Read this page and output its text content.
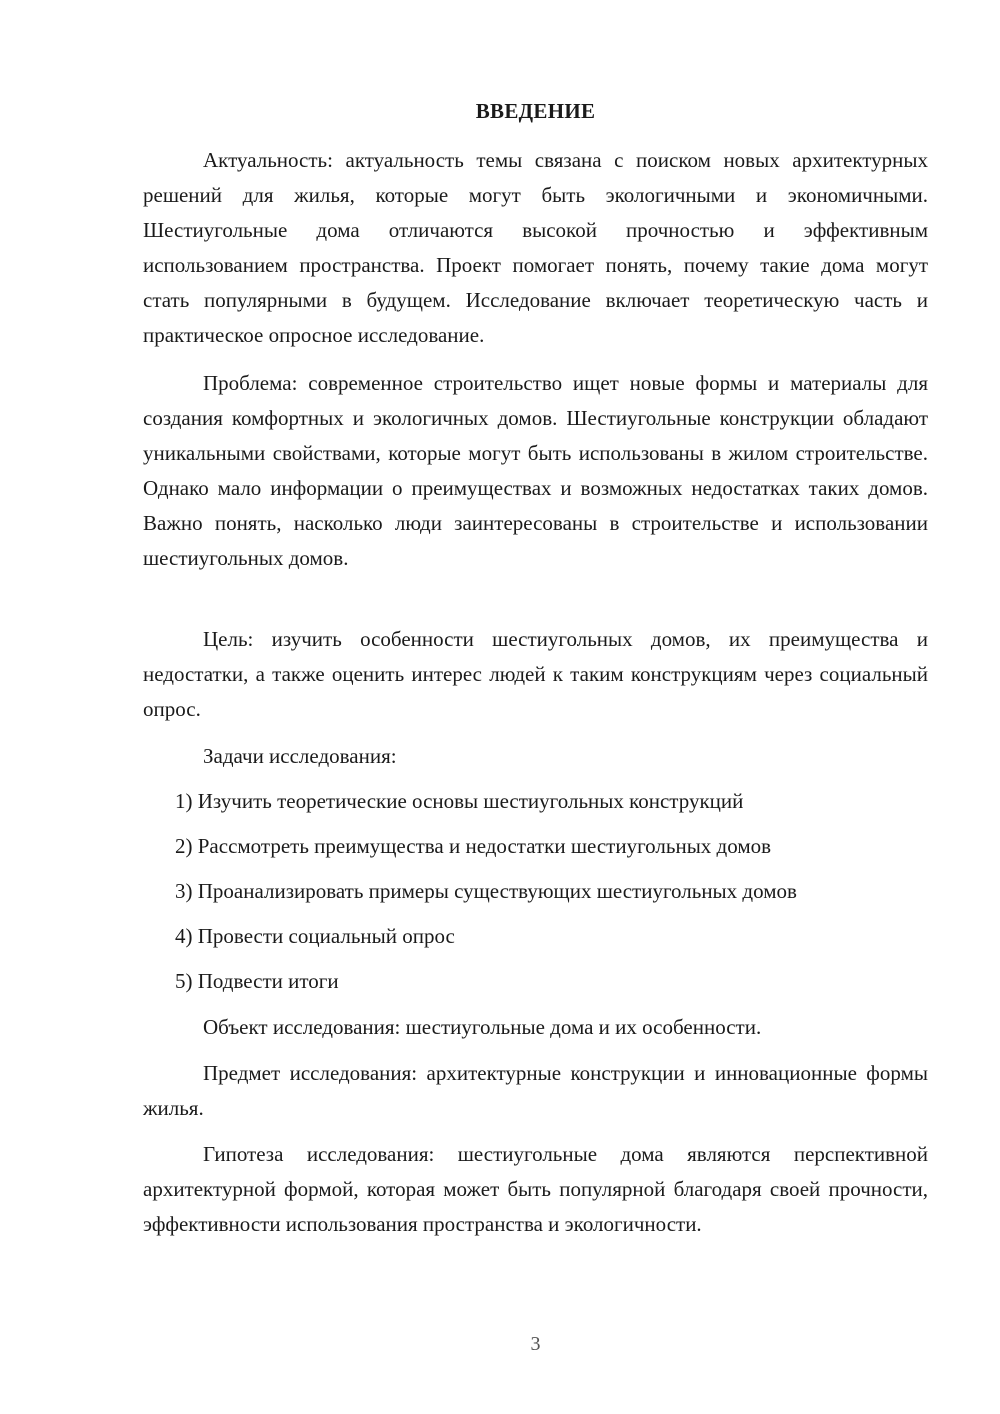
ВВЕДЕНИЕ

Актуальность: актуальность темы связана с поиском новых архитектурных решений для жилья, которые могут быть экологичными и экономичными. Шестиугольные дома отличаются высокой прочностью и эффективным использованием пространства. Проект помогает понять, почему такие дома могут стать популярными в будущем. Исследование включает теоретическую часть и практическое опросное исследование.

Проблема: современное строительство ищет новые формы и материалы для создания комфортных и экологичных домов. Шестиугольные конструкции обладают уникальными свойствами, которые могут быть использованы в жилом строительстве. Однако мало информации о преимуществах и возможных недостатках таких домов. Важно понять, насколько люди заинтересованы в строительстве и использовании шестиугольных домов.

Цель: изучить особенности шестиугольных домов, их преимущества и недостатки, а также оценить интерес людей к таким конструкциям через социальный опрос.

Задачи исследования:

1) Изучить теоретические основы шестиугольных конструкций

2) Рассмотреть преимущества и недостатки шестиугольных домов

3) Проанализировать примеры существующих шестиугольных домов

4) Провести социальный опрос

5) Подвести итоги

Объект исследования: шестиугольные дома и их особенности.

Предмет исследования: архитектурные конструкции и инновационные формы жилья.

Гипотеза исследования: шестиугольные дома являются перспективной архитектурной формой, которая может быть популярной благодаря своей прочности, эффективности использования пространства и экологичности.

3
